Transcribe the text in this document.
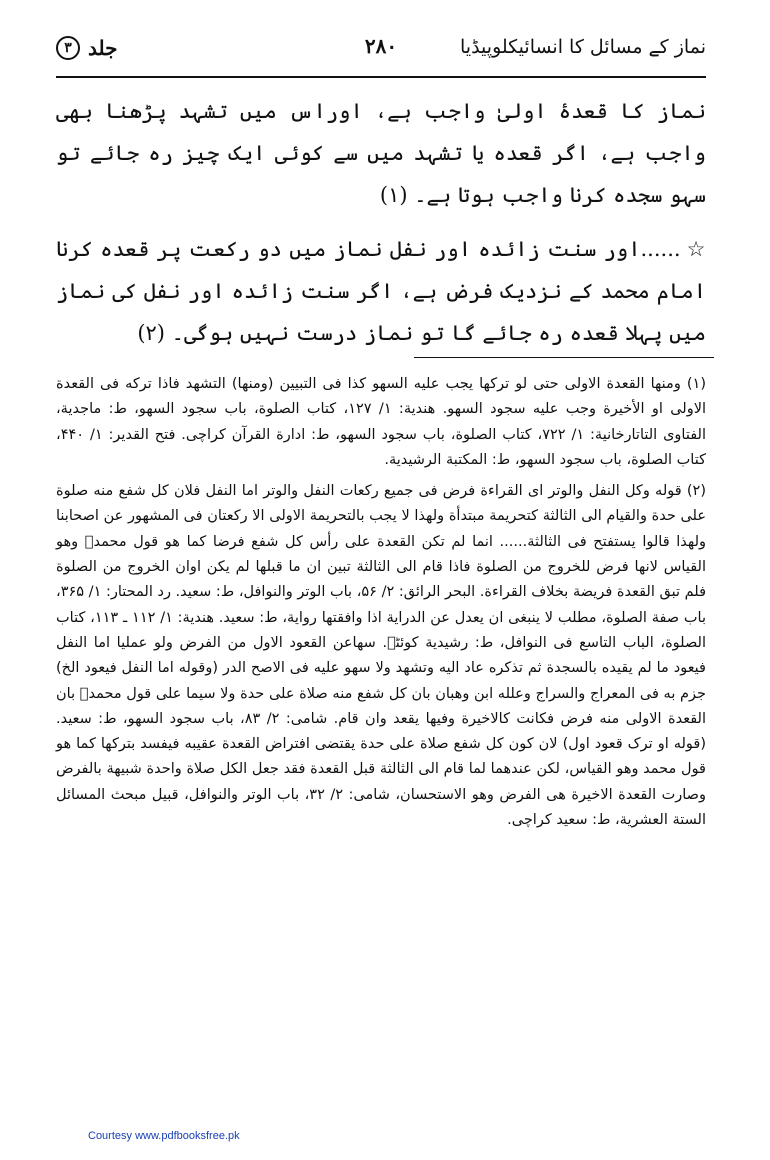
نماز کے مسائل کا انسائیکلوپیڈیا
۲۸۰
جلد
۳

نماز کا قعدۂ اولیٰ واجب ہے، اوراس میں تشہد پڑھنا بھی واجب ہے، اگر قعدہ یا تشہد میں سے کوئی ایک چیز رہ جائے تو سہو سجدہ کرنا واجب ہوتا ہے۔ (۱)

☆......اور سنت زائدہ اور نفل نماز میں دو رکعت پر قعدہ کرنا امام محمد کے نزدیک فرض ہے، اگر سنت زائدہ اور نفل کی نماز میں پہلا قعدہ رہ جائے گا تو نماز درست نہیں ہوگی۔ (۲)

(۱) ومنها القعدة الاولى حتى لو ترکها یجب علیه السهو کذا فی التبیین (ومنها) التشهد فاذا ترکه فی القعدة الاولی او الأخیرة وجب علیه سجود السهو. هندیة: ۱/ ۱۲۷، کتاب الصلوة، باب سجود السهو، ط: ماجدیة، الفتاوی التاتارخانیة: ۱/ ۷۲۲، کتاب الصلوة، باب سجود السهو، ط: ادارة القرآن کراچی. فتح القدیر: ۱/ ۴۴۰، کتاب الصلوة، باب سجود السهو، ط: المکتبة الرشیدیة.

(۲) قوله وکل النفل والوتر ای القراءة فرض فی جمیع رکعات النفل والوتر اما النفل فلان کل شفع منه صلوة علی حدة والقیام الی الثالثة کتحریمة مبتدأة ولهذا لا یجب بالتحریمة الاولی الا رکعتان فی المشهور عن اصحابنا ولهذا قالوا یستفتح فی الثالثة...... انما لم تکن القعدة علی رأس کل شفع فرضا کما هو قول محمدؒ وهو القیاس لانها فرض للخروج من الصلوة فاذا قام الی الثالثة تبین ان ما قبلها لم یکن اوان الخروج من الصلوة فلم تبق القعدة فریضة بخلاف القراءة. البحر الرائق: ۲/ ۵۶، باب الوتر والنوافل، ط: سعید. رد المحتار: ۱/ ۳۶۵، باب صفة الصلوة، مطلب لا ینبغی ان یعدل عن الدرایة اذا وافقتها روایة، ط: سعید. هندیة: ۱/ ۱۱۲ ـ ۱۱۳، کتاب الصلوة، الباب التاسع فی النوافل، ط: رشیدیة کوئٹہ. سهاعن القعود الاول من الفرض ولو عملیا اما النفل فیعود ما لم یقیده بالسجدة ثم تذکره عاد الیه وتشهد ولا سهو علیه فی الاصح الدر (وقوله اما النفل فیعود الخ) جزم به فی المعراج والسراج وعلله ابن وهبان بان کل شفع منه صلاة علی حدة ولا سیما علی قول محمدؒ بان القعدة الاولی منه فرض فکانت کالاخیرة وفیها یقعد وان قام. شامی: ۲/ ۸۳، باب سجود السهو، ط: سعید. (قوله او ترک قعود اول) لان کون کل شفع صلاة علی حدة یقتضی افتراض القعدة عقیبه فیفسد بترکها کما هو قول محمد وهو القیاس، لکن عندهما لما قام الی الثالثة قبل القعدة فقد جعل الکل صلاة واحدة شبیهة بالفرض وصارت القعدة الاخیرة هی الفرض وهو الاستحسان، شامی: ۲/ ۳۲، باب الوتر والنوافل، قبیل مبحث المسائل الستة العشریة، ط: سعید کراچی.

Courtesy www.pdfbooksfree.pk
